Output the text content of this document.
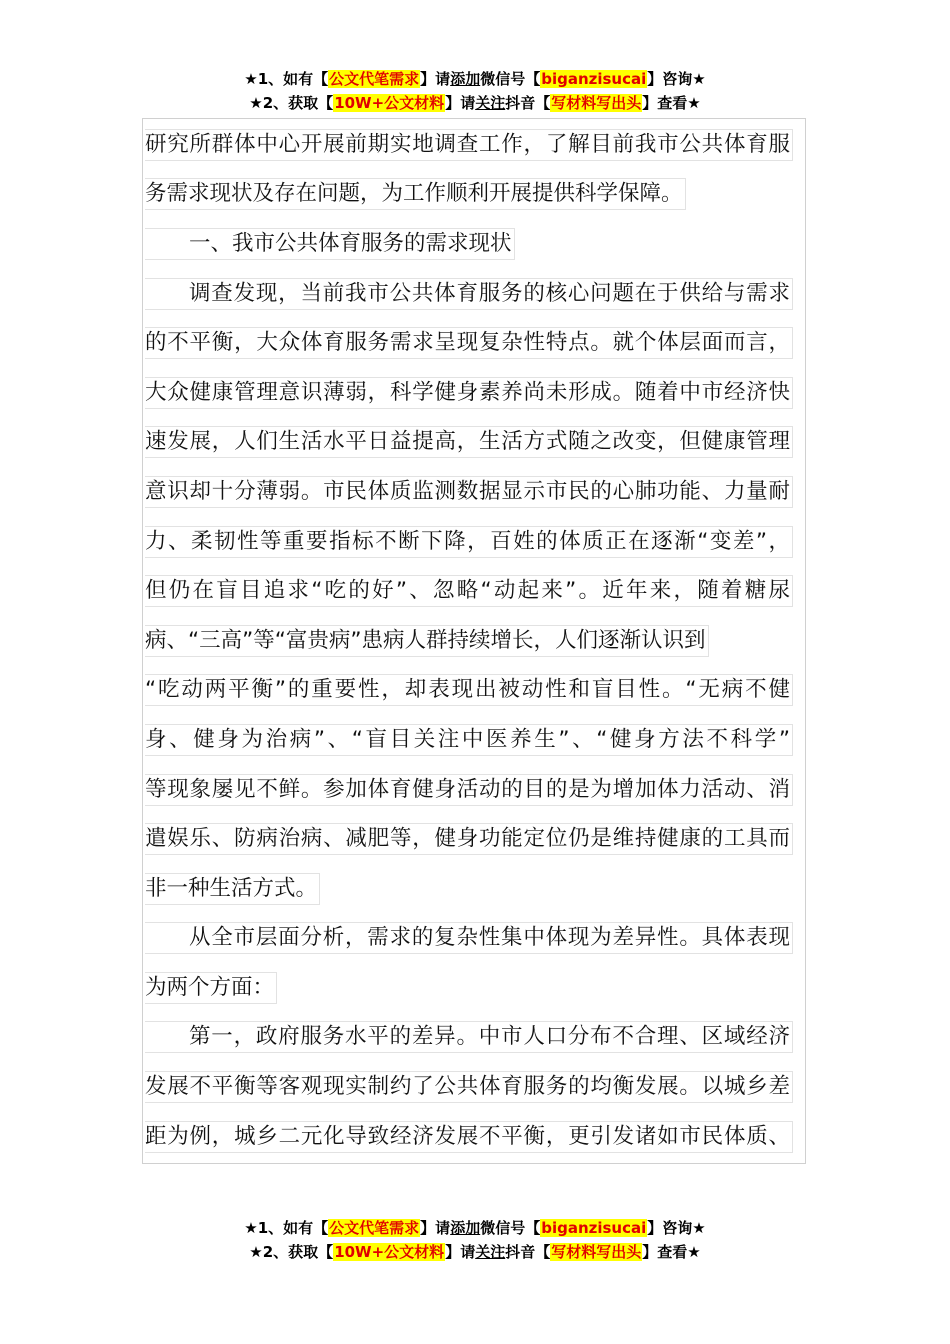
★1、如有【公文代笔需求】请添加微信号【biganzisucai】咨询★
★2、获取【10W+公文材料】请关注抖音【写材料写出头】查看★
研究所群体中心开展前期实地调查工作，了解目前我市公共体育服
务需求现状及存在问题，为工作顺利开展提供科学保障。
一、我市公共体育服务的需求现状
调查发现，当前我市公共体育服务的核心问题在于供给与需求
的不平衡，大众体育服务需求呈现复杂性特点。就个体层面而言，
大众健康管理意识薄弱，科学健身素养尚未形成。随着中市经济快
速发展，人们生活水平日益提高，生活方式随之改变，但健康管理
意识却十分薄弱。市民体质监测数据显示市民的心肺功能、力量耐
力、柔韧性等重要指标不断下降，百姓的体质正在逐渐“变差”，
但仍在盲目追求“吃的好”、忽略“动起来”。近年来，随着糖尿
病、“三高”等“富贵病”患病人群持续增长，人们逐渐认识到
“吃动两平衡”的重要性，却表现出被动性和盲目性。“无病不健
身、健身为治病”、“盲目关注中医养生”、“健身方法不科学”
等现象屡见不鲜。参加体育健身活动的目的是为增加体力活动、消
遣娱乐、防病治病、减肥等，健身功能定位仍是维持健康的工具而
非一种生活方式。
从全市层面分析，需求的复杂性集中体现为差异性。具体表现
为两个方面：
第一，政府服务水平的差异。中市人口分布不合理、区域经济
发展不平衡等客观现实制约了公共体育服务的均衡发展。以城乡差
距为例，城乡二元化导致经济发展不平衡，更引发诸如市民体质、
★1、如有【公文代笔需求】请添加微信号【biganzisucai】咨询★
★2、获取【10W+公文材料】请关注抖音【写材料写出头】查看★
